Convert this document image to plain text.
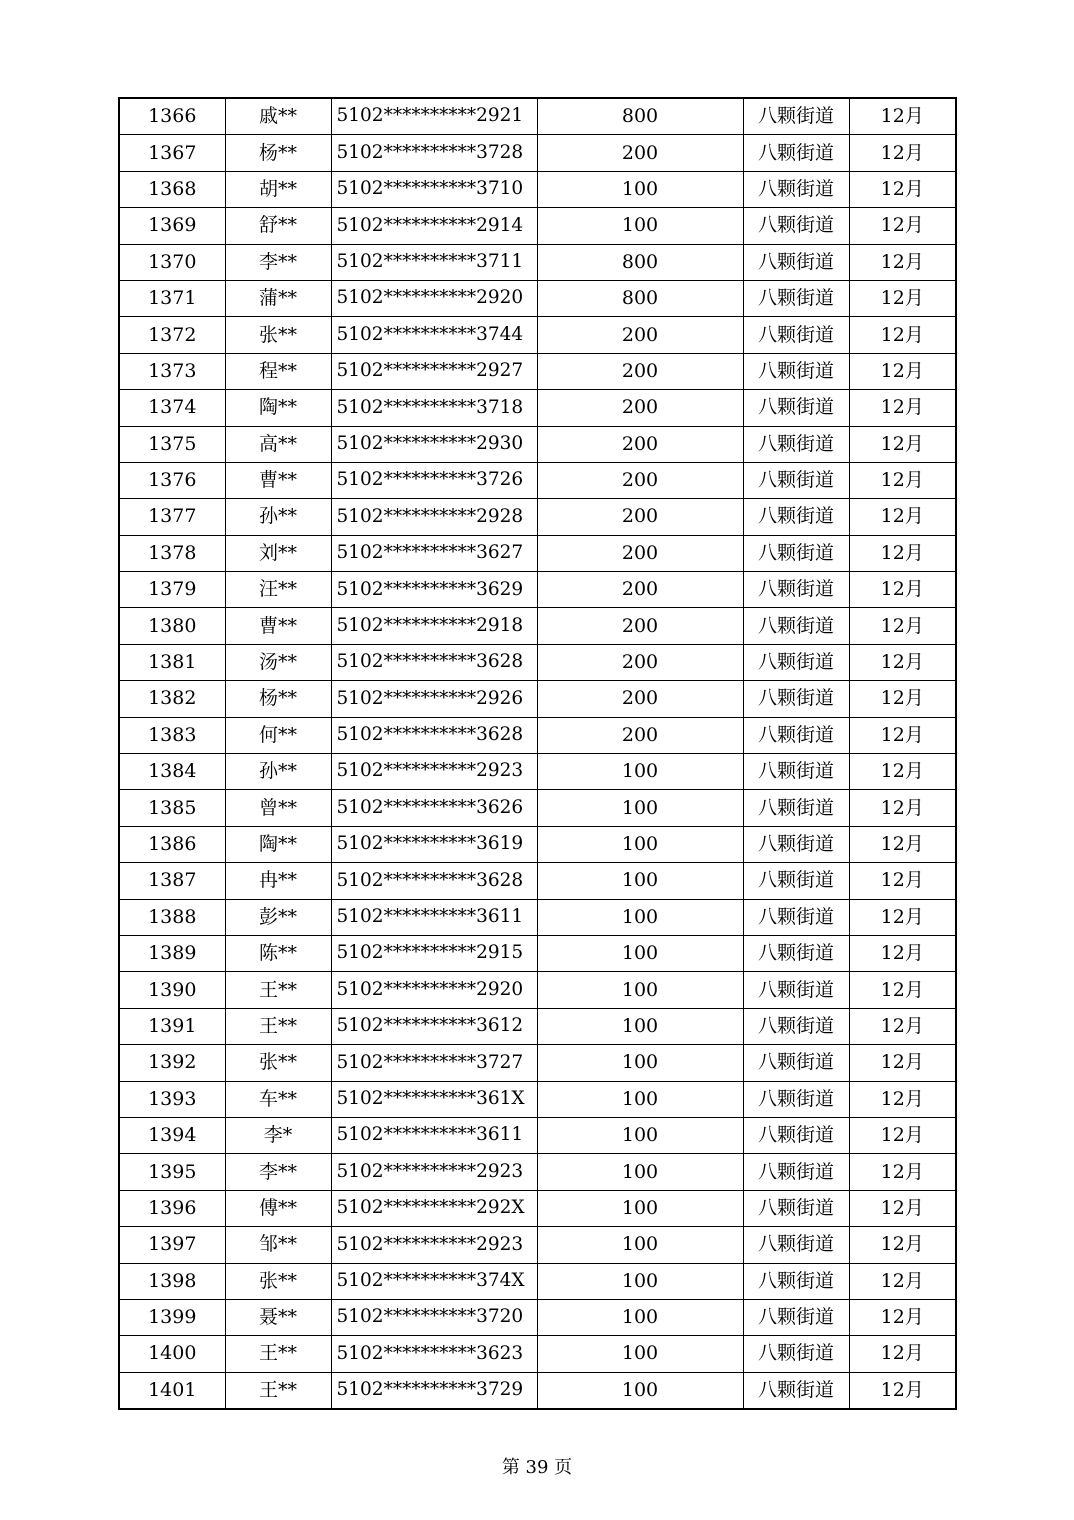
1366	戚**	5102**********2921	800	八颗街道	12月
1367	杨**	5102**********3728	200	八颗街道	12月
1368	胡**	5102**********3710	100	八颗街道	12月
1369	舒**	5102**********2914	100	八颗街道	12月
1370	李**	5102**********3711	800	八颗街道	12月
1371	蒲**	5102**********2920	800	八颗街道	12月
1372	张**	5102**********3744	200	八颗街道	12月
1373	程**	5102**********2927	200	八颗街道	12月
1374	陶**	5102**********3718	200	八颗街道	12月
1375	高**	5102**********2930	200	八颗街道	12月
1376	曹**	5102**********3726	200	八颗街道	12月
1377	孙**	5102**********2928	200	八颗街道	12月
1378	刘**	5102**********3627	200	八颗街道	12月
1379	汪**	5102**********3629	200	八颗街道	12月
1380	曹**	5102**********2918	200	八颗街道	12月
1381	汤**	5102**********3628	200	八颗街道	12月
1382	杨**	5102**********2926	200	八颗街道	12月
1383	何**	5102**********3628	200	八颗街道	12月
1384	孙**	5102**********2923	100	八颗街道	12月
1385	曾**	5102**********3626	100	八颗街道	12月
1386	陶**	5102**********3619	100	八颗街道	12月
1387	冉**	5102**********3628	100	八颗街道	12月
1388	彭**	5102**********3611	100	八颗街道	12月
1389	陈**	5102**********2915	100	八颗街道	12月
1390	王**	5102**********2920	100	八颗街道	12月
1391	王**	5102**********3612	100	八颗街道	12月
1392	张**	5102**********3727	100	八颗街道	12月
1393	车**	5102**********361X	100	八颗街道	12月
1394	李*	5102**********3611	100	八颗街道	12月
1395	李**	5102**********2923	100	八颗街道	12月
1396	傅**	5102**********292X	100	八颗街道	12月
1397	邹**	5102**********2923	100	八颗街道	12月
1398	张**	5102**********374X	100	八颗街道	12月
1399	聂**	5102**********3720	100	八颗街道	12月
1400	王**	5102**********3623	100	八颗街道	12月
1401	王**	5102**********3729	100	八颗街道	12月
第 39 页
